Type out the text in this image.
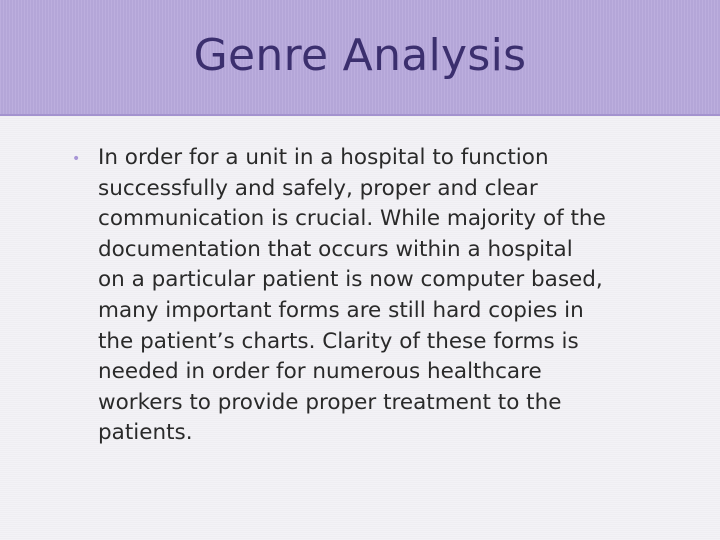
Genre Analysis
• In order for a unit in a hospital to function
successfully and safely, proper and clear
communication is crucial. While majority of the
documentation that occurs within a hospital
on a particular patient is now computer based,
many important forms are still hard copies in
the patient’s charts. Clarity of these forms is
needed in order for numerous healthcare
workers to provide proper treatment to the
patients.
